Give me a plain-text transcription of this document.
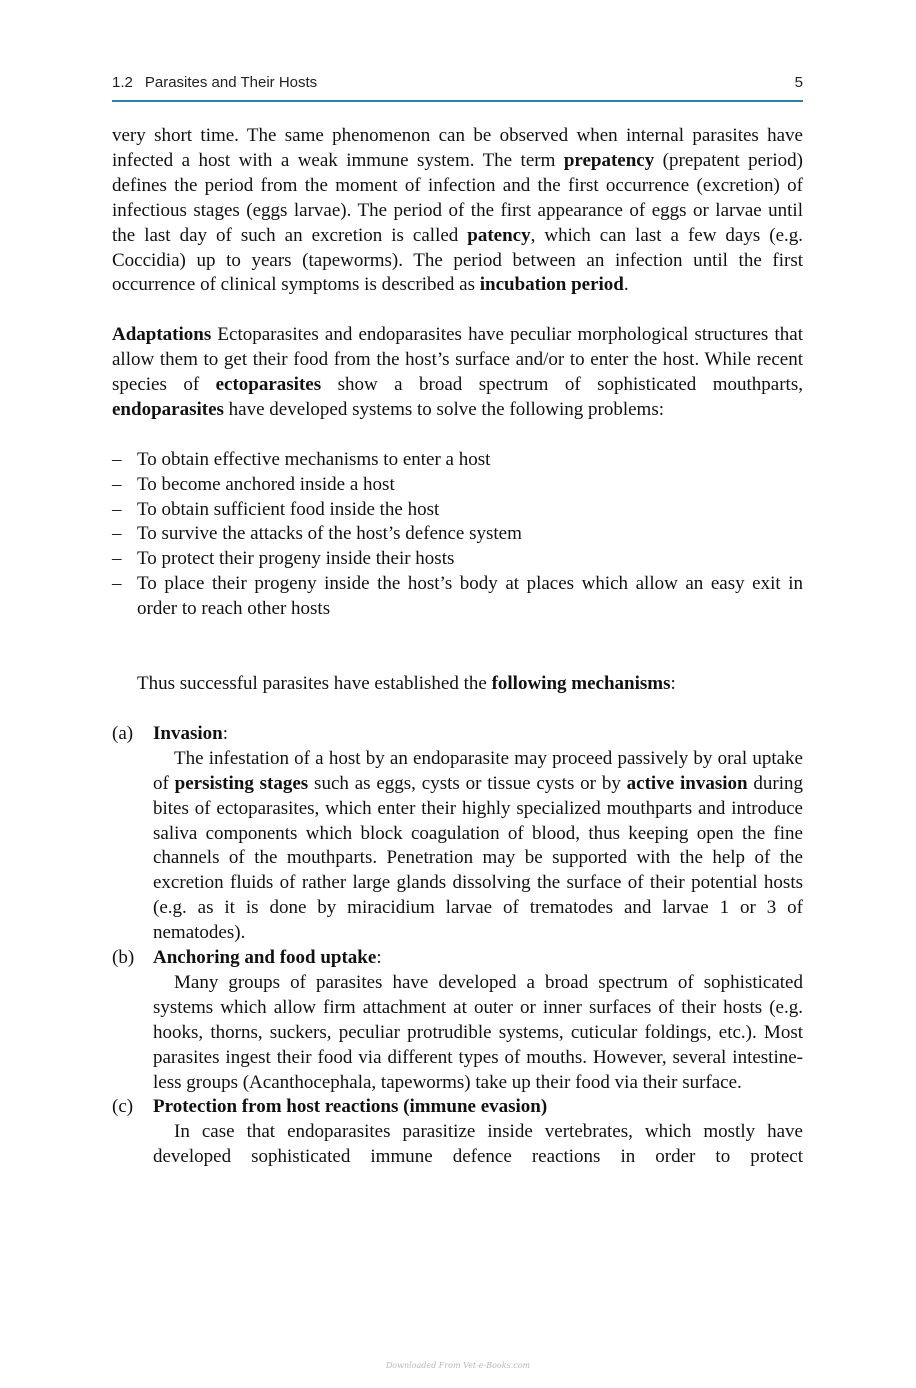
1.2 Parasites and Their Hosts	5

very short time. The same phenomenon can be observed when internal parasites have infected a host with a weak immune system. The term prepatency (prepatent period) defines the period from the moment of infection and the first occurrence (excretion) of infectious stages (eggs larvae). The period of the first appearance of eggs or larvae until the last day of such an excretion is called patency, which can last a few days (e.g. Coccidia) up to years (tapeworms). The period between an infection until the first occurrence of clinical symptoms is described as incubation period.

Adaptations Ectoparasites and endoparasites have peculiar morphological structures that allow them to get their food from the host’s surface and/or to enter the host. While recent species of ectoparasites show a broad spectrum of sophisticated mouthparts, endoparasites have developed systems to solve the following problems:

– To obtain effective mechanisms to enter a host
– To become anchored inside a host
– To obtain sufficient food inside the host
– To survive the attacks of the host’s defence system
– To protect their progeny inside their hosts
– To place their progeny inside the host’s body at places which allow an easy exit in order to reach other hosts

Thus successful parasites have established the following mechanisms:

(a) Invasion:

The infestation of a host by an endoparasite may proceed passively by oral uptake of persisting stages such as eggs, cysts or tissue cysts or by active invasion during bites of ectoparasites, which enter their highly specialized mouthparts and introduce saliva components which block coagulation of blood, thus keeping open the fine channels of the mouthparts. Penetration may be supported with the help of the excretion fluids of rather large glands dissolving the surface of their potential hosts (e.g. as it is done by miracidium larvae of trematodes and larvae 1 or 3 of nematodes).

(b) Anchoring and food uptake:

Many groups of parasites have developed a broad spectrum of sophisticated systems which allow firm attachment at outer or inner surfaces of their hosts (e.g. hooks, thorns, suckers, peculiar protrudible systems, cuticular foldings, etc.). Most parasites ingest their food via different types of mouths. However, several intestine-less groups (Acanthocephala, tapeworms) take up their food via their surface.

(c) Protection from host reactions (immune evasion)

In case that endoparasites parasitize inside vertebrates, which mostly have developed sophisticated immune defence reactions in order to protect

Downloaded From Vet-e-Books.com
